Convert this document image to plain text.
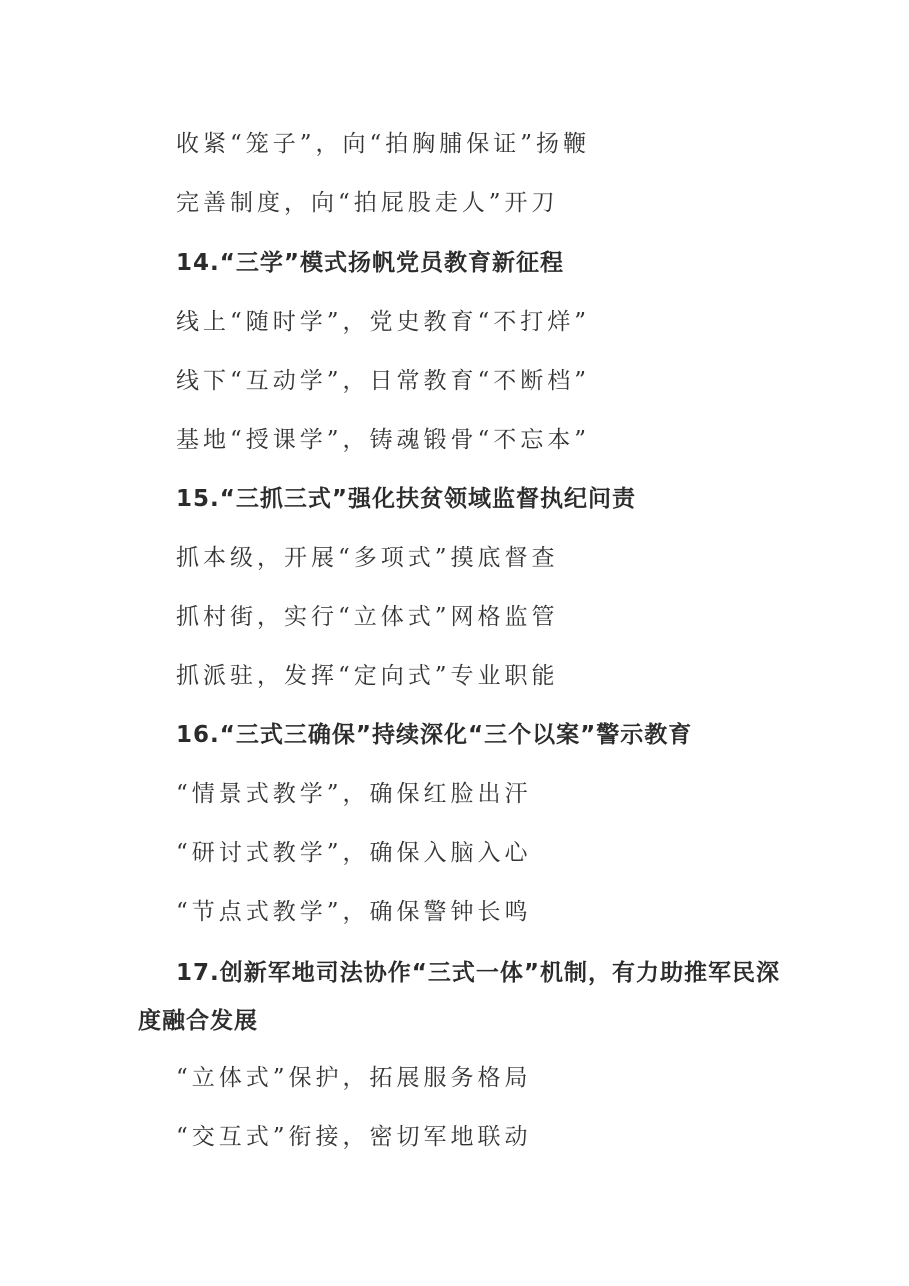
收紧“笼子”，向“拍胸脯保证”扬鞭
完善制度，向“拍屁股走人”开刀
14.“三学”模式扬帆党员教育新征程
线上“随时学”，党史教育“不打烊”
线下“互动学”，日常教育“不断档”
基地“授课学”，铸魂锻骨“不忘本”
15.“三抓三式”强化扶贫领域监督执纪问责
抓本级，开展“多项式”摸底督查
抓村街，实行“立体式”网格监管
抓派驻，发挥“定向式”专业职能
16.“三式三确保”持续深化“三个以案”警示教育
“情景式教学”，确保红脸出汗
“研讨式教学”，确保入脑入心
“节点式教学”，确保警钟长鸣
17.创新军地司法协作“三式一体”机制，有力助推军民深度融合发展
“立体式”保护，拓展服务格局
“交互式”衔接，密切军地联动
